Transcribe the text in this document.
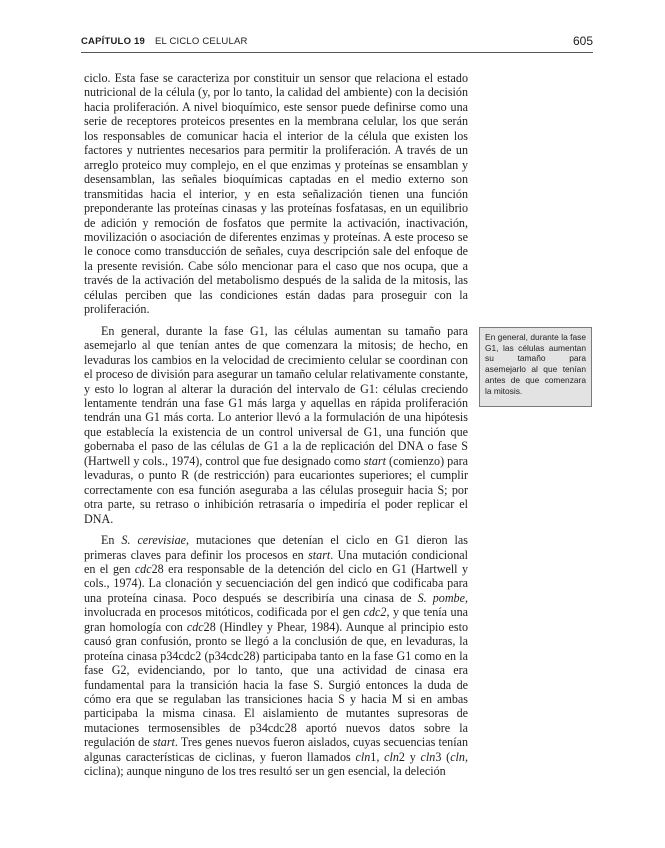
CAPÍTULO 19 EL CICLO CELULAR	605

ciclo. Esta fase se caracteriza por constituir un sensor que relaciona el estado nutricional de la célula (y, por lo tanto, la calidad del ambiente) con la decisión hacia proliferación. A nivel bioquímico, este sensor puede definirse como una serie de receptores proteicos presentes en la membrana celular, los que serán los responsables de comunicar hacia el interior de la célula que existen los factores y nutrientes necesarios para permitir la proliferación. A través de un arreglo proteico muy complejo, en el que enzimas y proteínas se ensamblan y desensamblan, las señales bioquímicas captadas en el medio externo son transmitidas hacia el interior, y en esta señalización tienen una función preponderante las proteínas cinasas y las proteínas fosfatasas, en un equilibrio de adición y remoción de fosfatos que permite la activación, inactivación, movilización o asociación de diferentes enzimas y proteínas. A este proceso se le conoce como transducción de señales, cuya descripción sale del enfoque de la presente revisión. Cabe sólo mencionar para el caso que nos ocupa, que a través de la activación del metabolismo después de la salida de la mitosis, las células perciben que las condiciones están dadas para proseguir con la proliferación.

En general, durante la fase G1, las células aumentan su tamaño para asemejarlo al que tenían antes de que comenzara la mitosis; de hecho, en levaduras los cambios en la velocidad de crecimiento celular se coordinan con el proceso de división para asegurar un tamaño celular relativamente constante, y esto lo logran al alterar la duración del intervalo de G1: células creciendo lentamente tendrán una fase G1 más larga y aquellas en rápida proliferación tendrán una G1 más corta. Lo anterior llevó a la formulación de una hipótesis que establecía la existencia de un control universal de G1, una función que gobernaba el paso de las células de G1 a la de replicación del DNA o fase S (Hartwell y cols., 1974), control que fue designado como start (comienzo) para levaduras, o punto R (de restricción) para eucariontes superiores; el cumplir correctamente con esa función aseguraba a las células proseguir hacia S; por otra parte, su retraso o inhibición retrasaría o impediría el poder replicar el DNA.

En S. cerevisiae, mutaciones que detenían el ciclo en G1 dieron las primeras claves para definir los procesos en start. Una mutación condicional en el gen cdc28 era responsable de la detención del ciclo en G1 (Hartwell y cols., 1974). La clonación y secuenciación del gen indicó que codificaba para una proteína cinasa. Poco después se describiría una cinasa de S. pombe, involucrada en procesos mitóticos, codificada por el gen cdc2, y que tenía una gran homología con cdc28 (Hindley y Phear, 1984). Aunque al principio esto causó gran confusión, pronto se llegó a la conclusión de que, en levaduras, la proteína cinasa p34cdc2 (p34cdc28) participaba tanto en la fase G1 como en la fase G2, evidenciando, por lo tanto, que una actividad de cinasa era fundamental para la transición hacia la fase S. Surgió entonces la duda de cómo era que se regulaban las transiciones hacia S y hacia M si en ambas participaba la misma cinasa. El aislamiento de mutantes supresoras de mutaciones termosensibles de p34cdc28 aportó nuevos datos sobre la regulación de start. Tres genes nuevos fueron aislados, cuyas secuencias tenían algunas características de ciclinas, y fueron llamados cln1, cln2 y cln3 (cln, ciclina); aunque ninguno de los tres resultó ser un gen esencial, la deleción

En general, durante la fase G1, las células aumentan su tamaño para asemejarlo al que tenían antes de que comenzara la mitosis.
